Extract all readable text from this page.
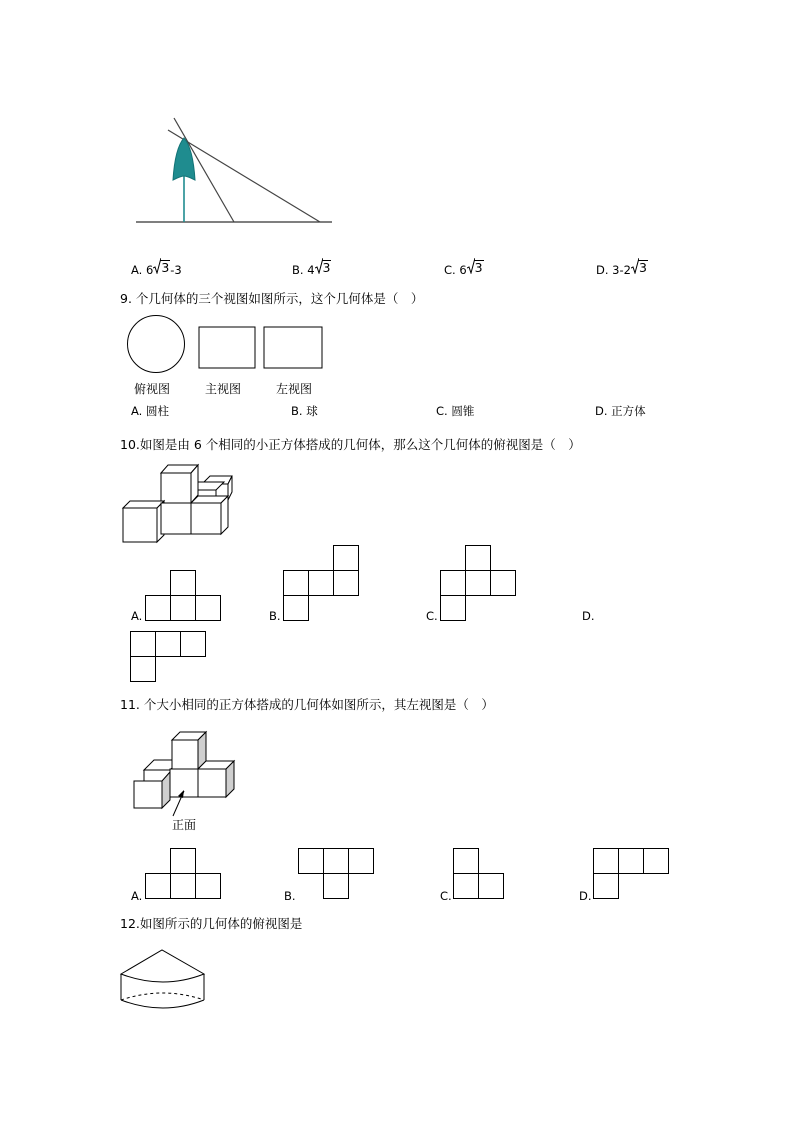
A. 6 3 -3	B. 4 3	C. 6 3	D. 3-2 3
9. 个几何体的三个视图如图所示，这个几何体是（　）
俯视图	主视图	左视图
A. 圆柱	B. 球	C. 圆锥	D. 正方体
10.如图是由 6 个相同的小正方体搭成的几何体，那么这个几何体的俯视图是（　）
A.	B.	C.	D.
11. 个大小相同的正方体搭成的几何体如图所示，其左视图是（　）
正面
A.	B.	C.	D.
12.如图所示的几何体的俯视图是
